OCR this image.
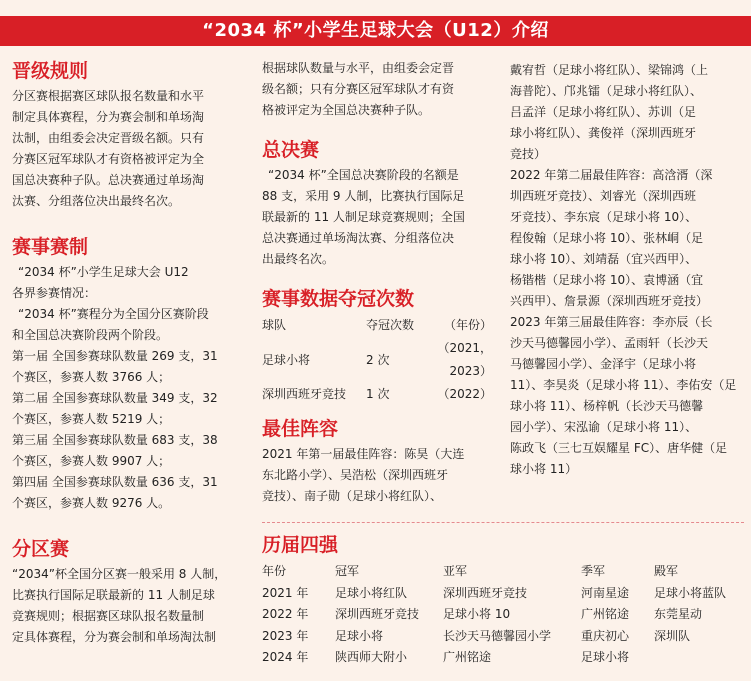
“2034 杯”小学生足球大会（U12）介绍
晋级规则
分区赛根据赛区球队报名数量和水平
制定具体赛程，分为赛会制和单场淘
汰制，由组委会决定晋级名额。只有
分赛区冠军球队才有资格被评定为全
国总决赛种子队。总决赛通过单场淘
汰赛、分组落位决出最终名次。
赛事赛制
“2034 杯”小学生足球大会 U12
各界参赛情况：
“2034 杯”赛程分为全国分区赛阶段
和全国总决赛阶段两个阶段。
第一届 全国参赛球队数量 269 支，31
个赛区，参赛人数 3766 人；
第二届 全国参赛球队数量 349 支，32
个赛区，参赛人数 5219 人；
第三届 全国参赛球队数量 683 支，38
个赛区，参赛人数 9907 人；
第四届 全国参赛球队数量 636 支，31
个赛区，参赛人数 9276 人。
分区赛
“2034”杯全国分区赛一般采用 8 人制，
比赛执行国际足联最新的 11 人制足球
竞赛规则；根据赛区球队报名数量制
定具体赛程，分为赛会制和单场淘汰制
根据球队数量与水平，由组委会定晋
级名额；只有分赛区冠军球队才有资
格被评定为全国总决赛种子队。
总决赛
“2034 杯”全国总决赛阶段的名额是
88 支，采用 9 人制，比赛执行国际足
联最新的 11 人制足球竞赛规则；全国
总决赛通过单场淘汰赛、分组落位决
出最终名次。
赛事数据夺冠次数
球队	夺冠次数	（年份）
足球小将	2 次	（2021，2023）
深圳西班牙竞技	1 次	（2022）
最佳阵容
2021 年第一届最佳阵容：陈昊（大连
东北路小学）、吴浩松（深圳西班牙
竞技）、南子勋（足球小将红队）、
戴宥哲（足球小将红队）、梁锦鸿（上
海普陀）、邝兆镭（足球小将红队）、
吕孟洋（足球小将红队）、苏训（足
球小将红队）、龚俊祥（深圳西班牙
竞技）
2022 年第二届最佳阵容：高浛湑（深
圳西班牙竞技）、刘睿光（深圳西班
牙竞技）、李东宸（足球小将 10）、
程俊翰（足球小将 10）、张林峒（足
球小将 10）、刘靖磊（宜兴西甲）、
杨锴楷（足球小将 10）、袁博涵（宜
兴西甲）、詹景源（深圳西班牙竞技）
2023 年第三届最佳阵容：李亦辰（长
沙天马德馨园小学）、孟雨轩（长沙天
马德馨园小学）、金泽宇（足球小将
11）、李昊炎（足球小将 11）、李佑安（足
球小将 11）、杨梓帆（长沙天马德馨
园小学）、宋泓谕（足球小将 11）、
陈政飞（三七互娱耀星 FC）、唐华健（足
球小将 11）
历届四强
年份	冠军	亚军	季军	殿军
2021 年	足球小将红队	深圳西班牙竞技	河南星途	足球小将蓝队
2022 年	深圳西班牙竞技	足球小将 10	广州铭途	东莞星动
2023 年	足球小将	长沙天马德馨园小学	重庆初心	深圳队
2024 年	陕西师大附小	广州铭途	足球小将	
